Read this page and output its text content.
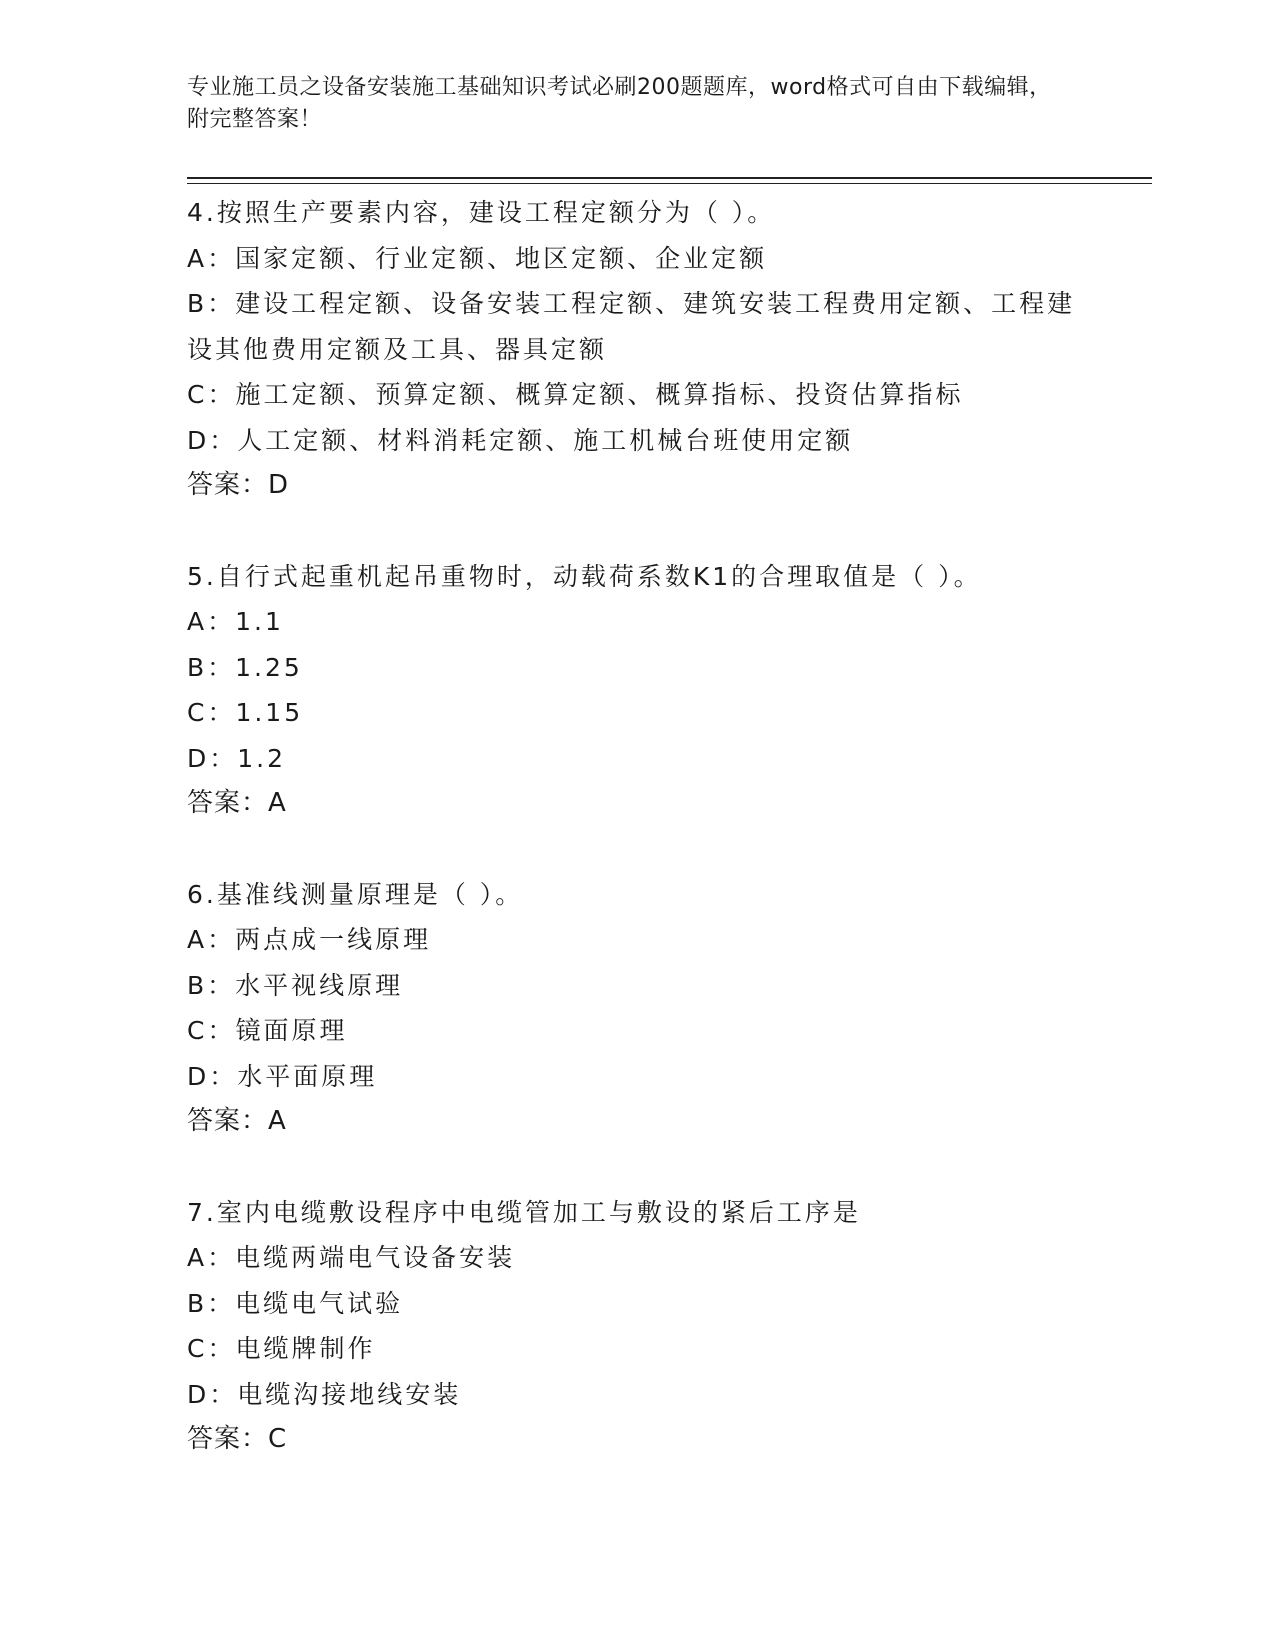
专业施工员之设备安装施工基础知识考试必刷200题题库，word格式可自由下载编辑，附完整答案！
4.按照生产要素内容，建设工程定额分为（ ）。
A：国家定额、行业定额、地区定额、企业定额
B：建设工程定额、设备安装工程定额、建筑安装工程费用定额、工程建设其他费用定额及工具、器具定额
C：施工定额、预算定额、概算定额、概算指标、投资估算指标
D：人工定额、材料消耗定额、施工机械台班使用定额
答案：D
5.自行式起重机起吊重物时，动载荷系数K1的合理取值是（ ）。
A：1.1
B：1.25
C：1.15
D：1.2
答案：A
6.基准线测量原理是（ ）。
A：两点成一线原理
B：水平视线原理
C：镜面原理
D：水平面原理
答案：A
7.室内电缆敷设程序中电缆管加工与敷设的紧后工序是
A：电缆两端电气设备安装
B：电缆电气试验
C：电缆牌制作
D：电缆沟接地线安装
答案：C
